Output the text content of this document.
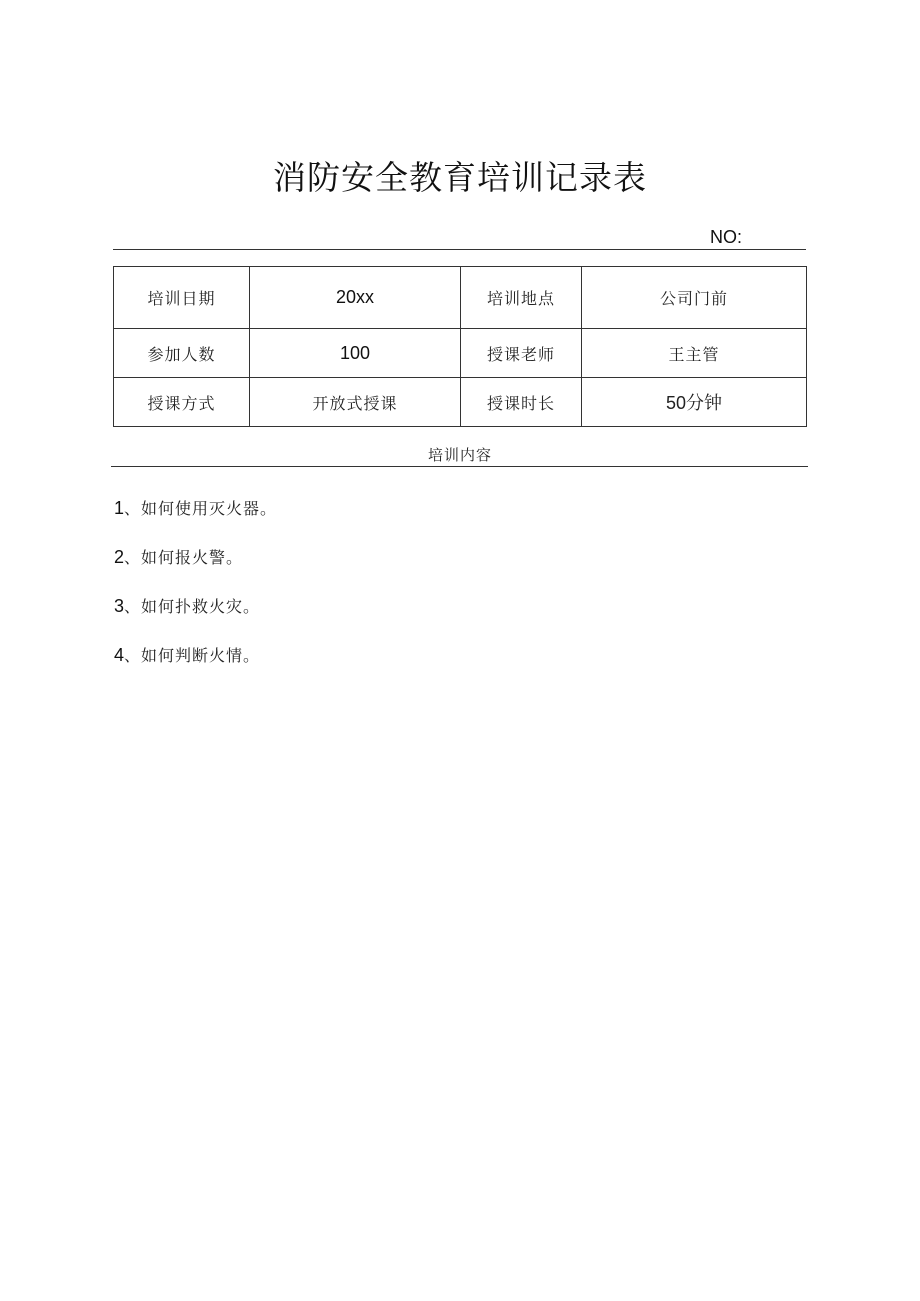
消防安全教育培训记录表
NO:
培训日期	20xx	培训地点	公司门前
参加人数	100	授课老师	王主管
授课方式	开放式授课	授课时长	50分钟
培训内容
1、如何使用灭火器。
2、如何报火警。
3、如何扑救火灾。
4、如何判断火情。
